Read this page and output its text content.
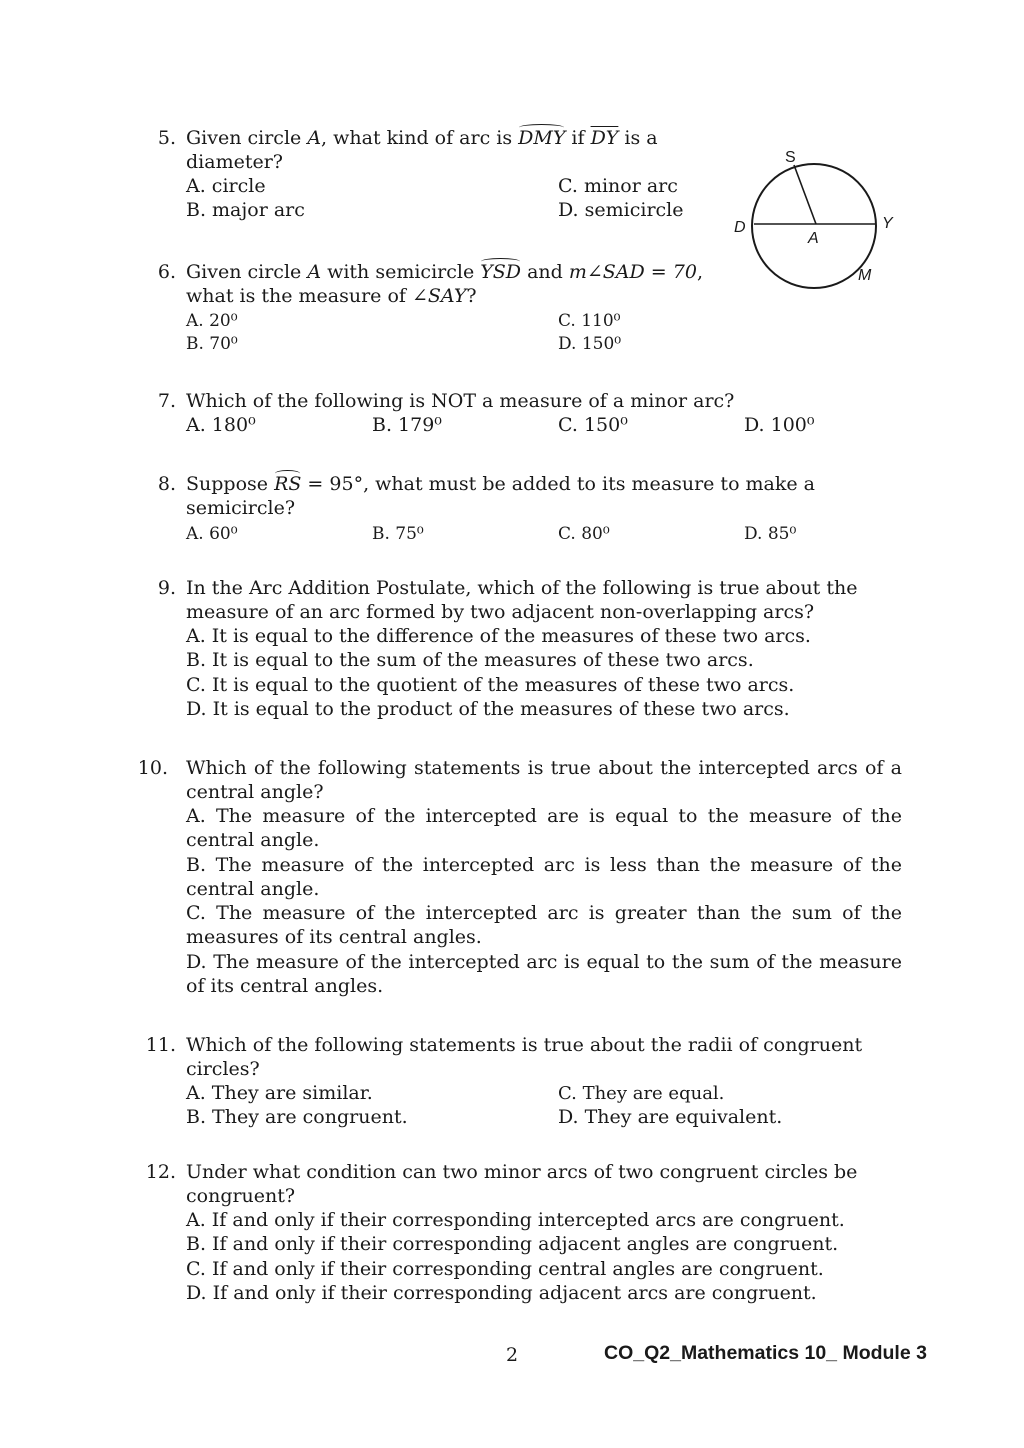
5. Given circle A, what kind of arc is DMY if $\overline{DY}$ is a
diameter?
A. circle
B. major arc
C. minor arc
D. semicircle
S
D
A
Y
M
6. Given circle A with semicircle YSD and m∠SAD = 70,
what is the measure of ∠SAY?
A. 20⁰
B. 70⁰
C. 110⁰
D. 150⁰
7. Which of the following is NOT a measure of a minor arc?
A. 180⁰	B. 179⁰	C. 150⁰	D. 100⁰
8. Suppose RS = 95°, what must be added to its measure to make a
semicircle?
A. 60⁰	B. 75⁰	C. 80⁰	D. 85⁰
9. In the Arc Addition Postulate, which of the following is true about the
measure of an arc formed by two adjacent non-overlapping arcs?
A. It is equal to the difference of the measures of these two arcs.
B. It is equal to the sum of the measures of these two arcs.
C. It is equal to the quotient of the measures of these two arcs.
D. It is equal to the product of the measures of these two arcs.
10. Which of the following statements is true about the intercepted arcs of a central angle?
A. The measure of the intercepted are is equal to the measure of the central angle.
B. The measure of the intercepted arc is less than the measure of the central angle.
C. The measure of the intercepted arc is greater than the sum of the measures of its central angles.
D. The measure of the intercepted arc is equal to the sum of the measure of its central angles.
11. Which of the following statements is true about the radii of congruent
circles?
A. They are similar.
B. They are congruent.
C. They are equal.
D. They are equivalent.
12. Under what condition can two minor arcs of two congruent circles be
congruent?
A. If and only if their corresponding intercepted arcs are congruent.
B. If and only if their corresponding adjacent angles are congruent.
C. If and only if their corresponding central angles are congruent.
D. If and only if their corresponding adjacent arcs are congruent.
2	CO_Q2_Mathematics 10_ Module 3
